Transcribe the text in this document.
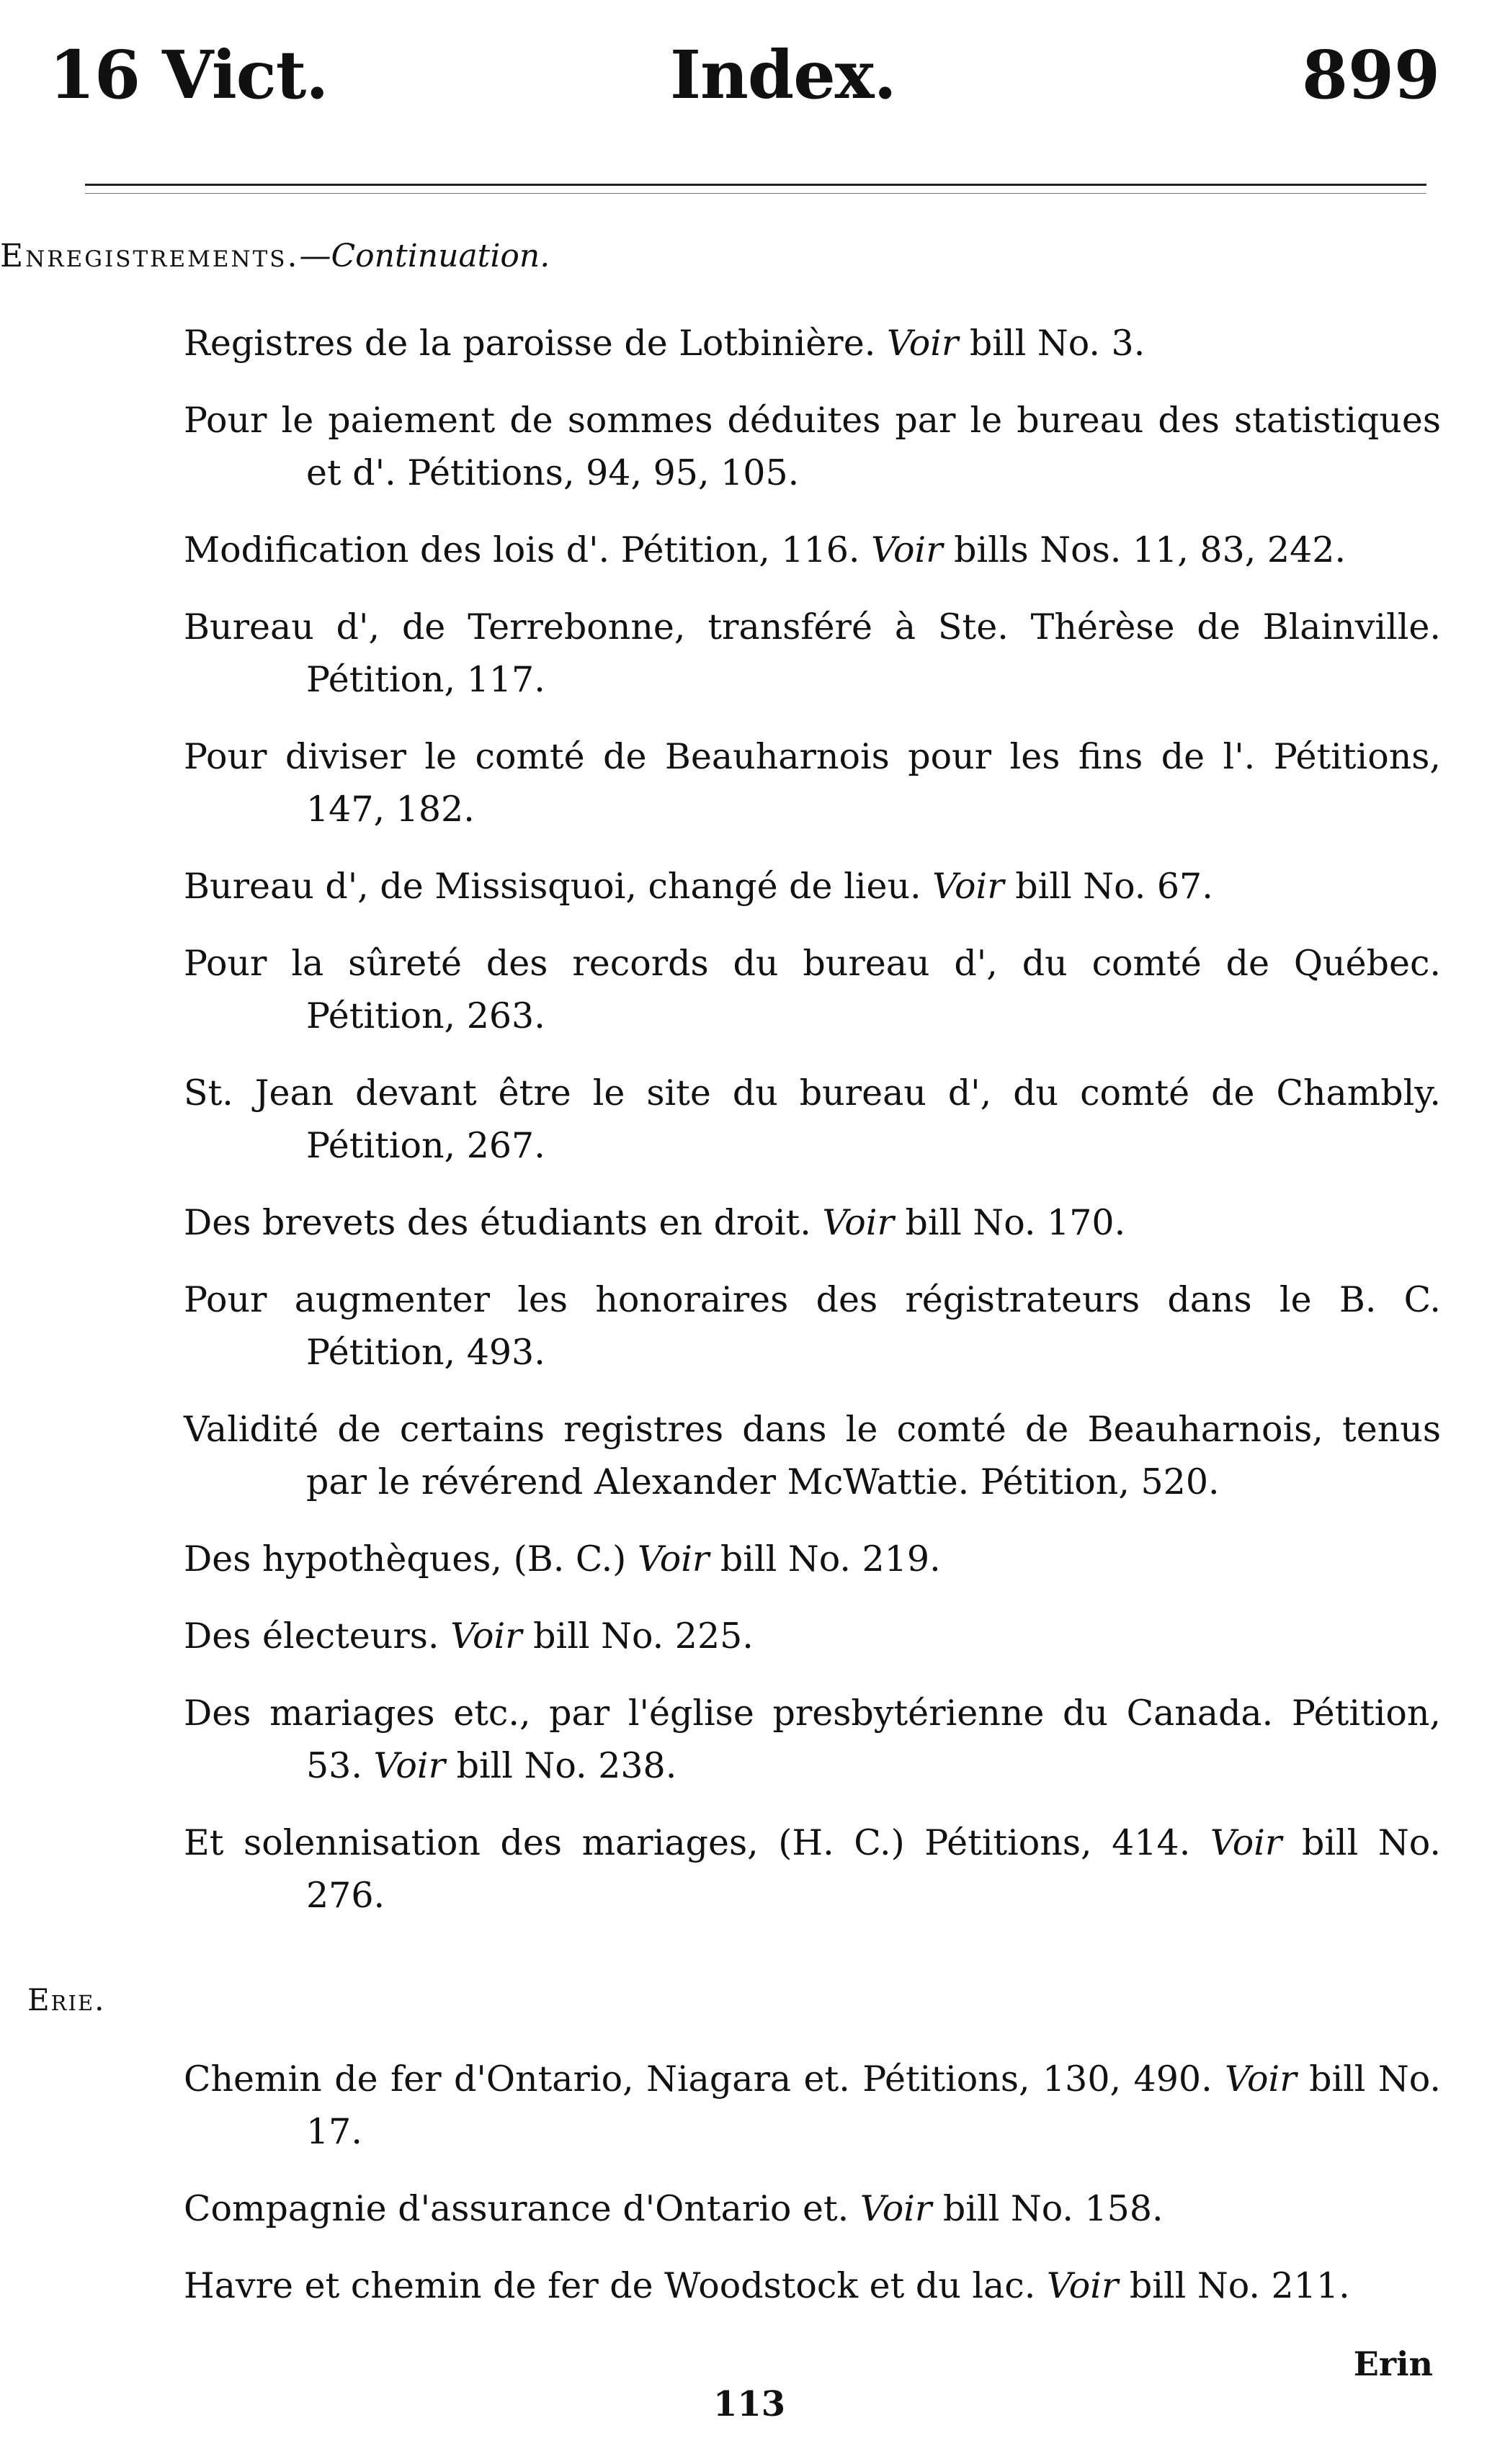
16 Vict.	Index.	899
Enregistrements.—Continuation.
Erie.

Registres de la paroisse de Lotbinière. Voir bill No. 3.

Pour le paiement de sommes déduites par le bureau des statistiques et d'. Pétitions, 94, 95, 105.

Modification des lois d'. Pétition, 116. Voir bills Nos. 11, 83, 242.

Bureau d', de Terrebonne, transféré à Ste. Thérèse de Blainville. Pétition, 117.

Pour diviser le comté de Beauharnois pour les fins de l'. Pétitions, 147, 182.

Bureau d', de Missisquoi, changé de lieu. Voir bill No. 67.

Pour la sûreté des records du bureau d', du comté de Québec. Pétition, 263.

St. Jean devant être le site du bureau d', du comté de Chambly. Pétition, 267.

Des brevets des étudiants en droit. Voir bill No. 170.

Pour augmenter les honoraires des régistrateurs dans le B. C. Pétition, 493.

Validité de certains registres dans le comté de Beauharnois, tenus par le révérend Alexander McWattie. Pétition, 520.

Des hypothèques, (B. C.) Voir bill No. 219.

Des électeurs. Voir bill No. 225.

Des mariages etc., par l'église presbytérienne du Canada. Pétition, 53. Voir bill No. 238.

Et solennisation des mariages, (H. C.) Pétitions, 414. Voir bill No. 276.

Chemin de fer d'Ontario, Niagara et. Pétitions, 130, 490. Voir bill No. 17.

Compagnie d'assurance d'Ontario et. Voir bill No. 158.

Havre et chemin de fer de Woodstock et du lac. Voir bill No. 211.

Erin
113
